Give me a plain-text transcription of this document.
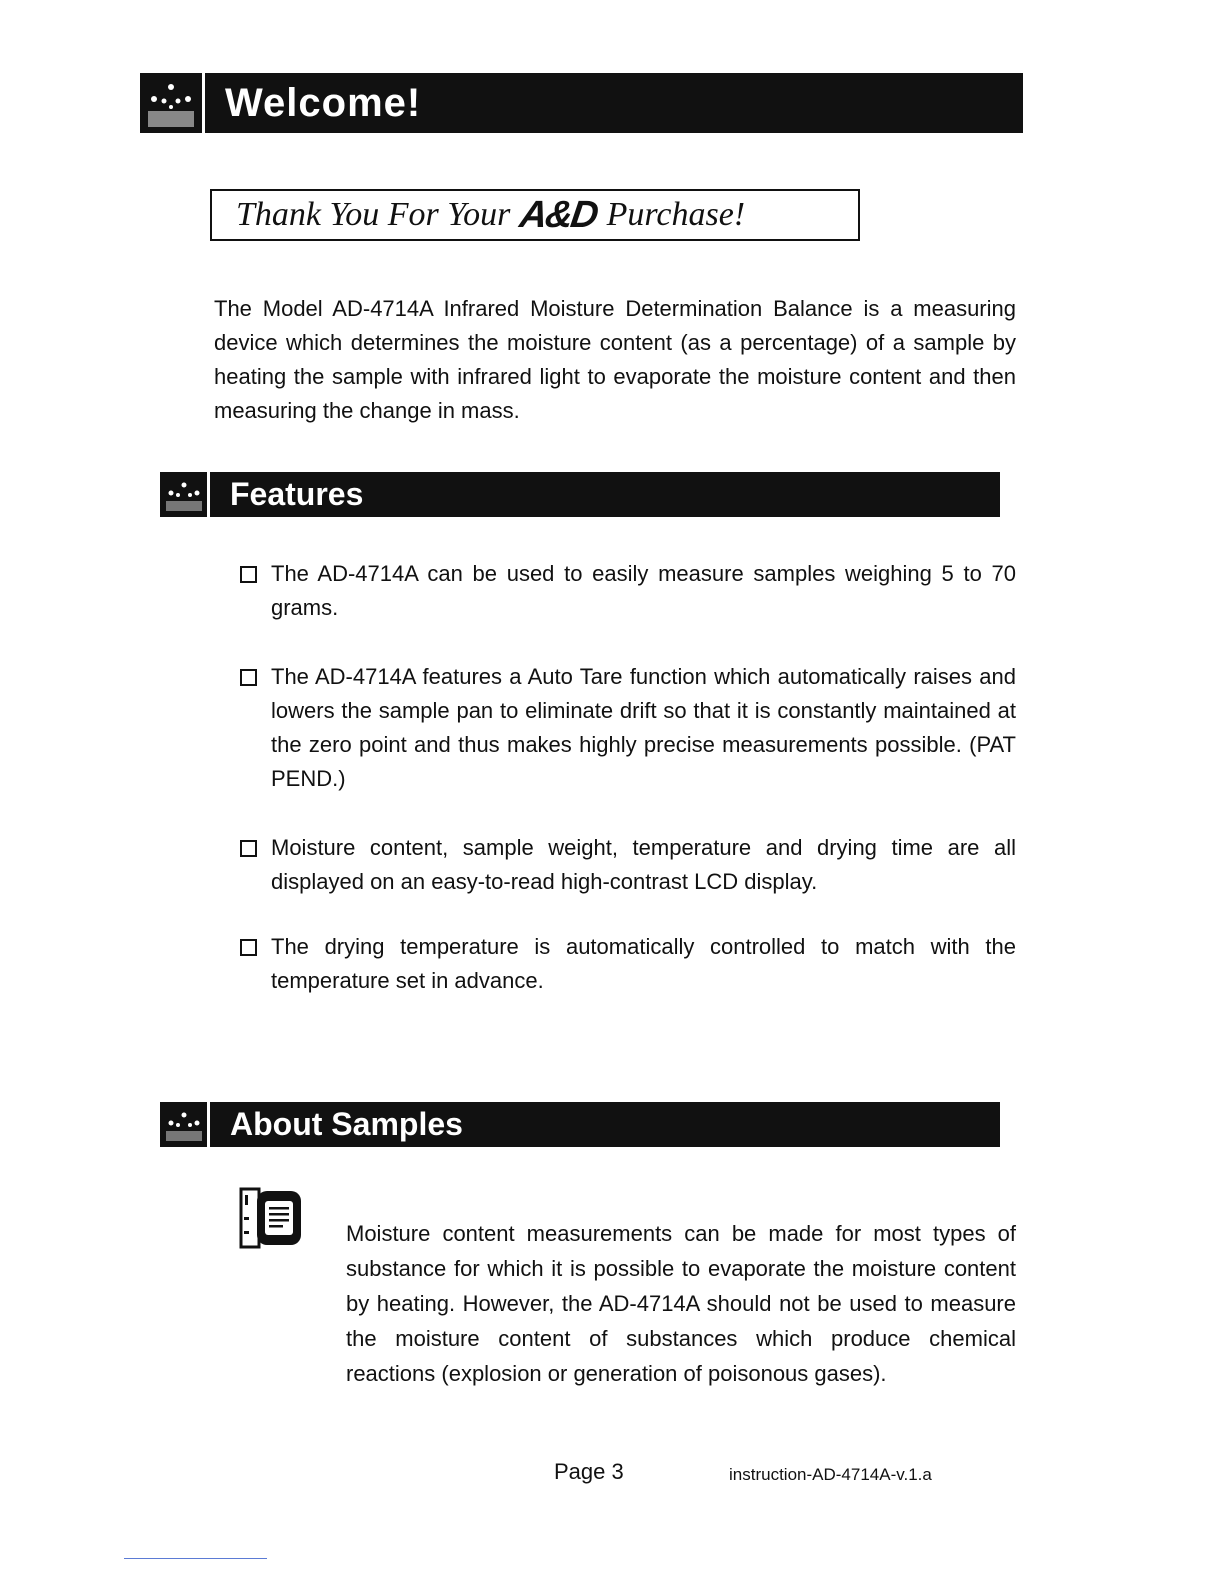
Welcome!
Thank You For Your A&D Purchase!
The Model AD-4714A Infrared Moisture Determination Balance is a measuring device which determines the moisture content (as a percentage) of a sample by heating the sample with infrared light to evaporate the moisture content and then measuring the change in mass.
Features
The AD-4714A can be used to easily measure samples weighing 5 to 70 grams.
The AD-4714A features a Auto Tare function which automatically raises and lowers the sample pan to eliminate drift so that it is constantly maintained at the zero point and thus makes highly precise measurements possible. (PAT PEND.)
Moisture content, sample weight, temperature and drying time are all displayed on an easy-to-read high-contrast LCD display.
The drying temperature is automatically controlled to match with the temperature set in advance.
About Samples
Moisture content measurements can be made for most types of substance for which it is possible to evaporate the moisture content by heating. However, the AD-4714A should not be used to measure the moisture content of substances which produce chemical reactions (explosion or generation of poisonous gases).
Page 3	instruction-AD-4714A-v.1.a
